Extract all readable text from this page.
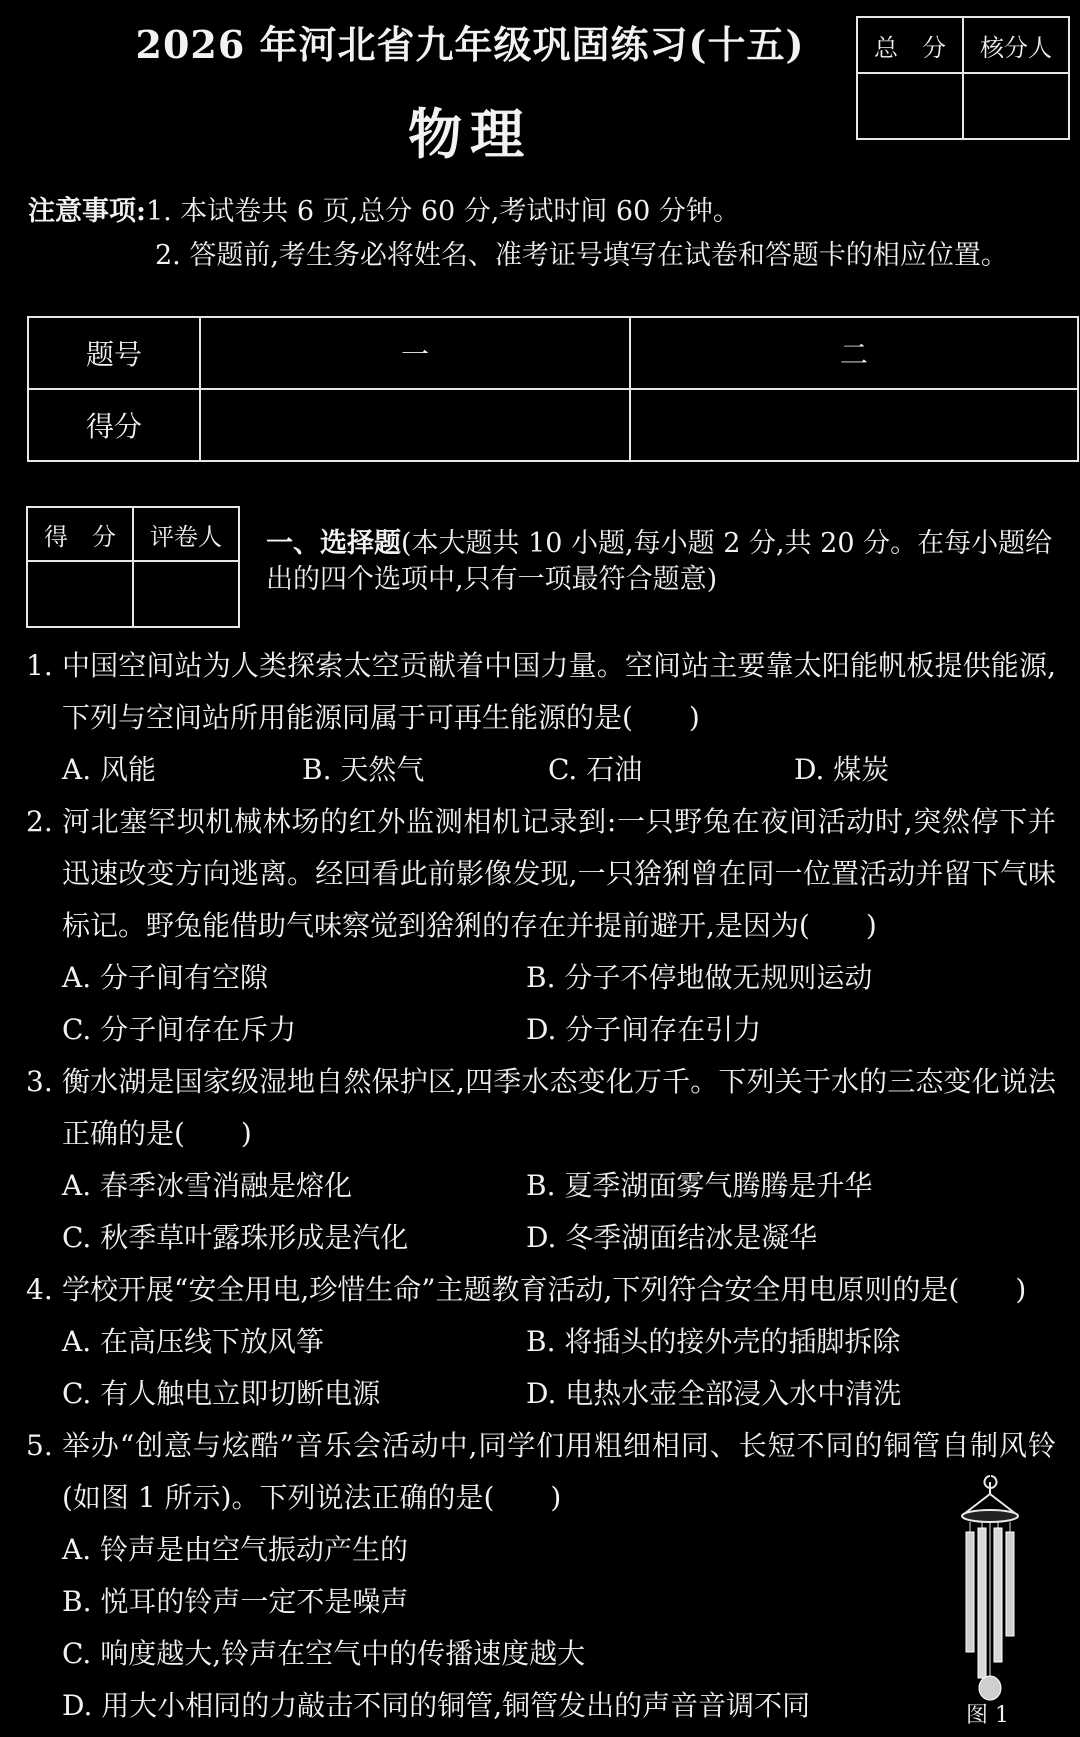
2026 年河北省九年级巩固练习(十五)
物理
总　分	核分人

注意事项:1. 本试卷共 6 页,总分 60 分,考试时间 60 分钟。
2. 答题前,考生务必将姓名、准考证号填写在试卷和答题卡的相应位置。
题号	一	二
得分		
得　分	评卷人
	一、选择题(本大题共 10 小题,每小题 2 分,共 20 分。在每小题给出的四个选项中,只有一项最符合题意)
1. 中国空间站为人类探索太空贡献着中国力量。空间站主要靠太阳能帆板提供能源,下列与空间站所用能源同属于可再生能源的是(　　)
A. 风能	B. 天然气	C. 石油	D. 煤炭
2. 河北塞罕坝机械林场的红外监测相机记录到:一只野兔在夜间活动时,突然停下并迅速改变方向逃离。经回看此前影像发现,一只猞猁曾在同一位置活动并留下气味标记。野兔能借助气味察觉到猞猁的存在并提前避开,是因为(　　)
A. 分子间有空隙	B. 分子不停地做无规则运动
C. 分子间存在斥力	D. 分子间存在引力
3. 衡水湖是国家级湿地自然保护区,四季水态变化万千。下列关于水的三态变化说法正确的是(　　)
A. 春季冰雪消融是熔化	B. 夏季湖面雾气腾腾是升华
C. 秋季草叶露珠形成是汽化	D. 冬季湖面结冰是凝华
4. 学校开展“安全用电,珍惜生命”主题教育活动,下列符合安全用电原则的是(　　)
A. 在高压线下放风筝	B. 将插头的接外壳的插脚拆除
C. 有人触电立即切断电源	D. 电热水壶全部浸入水中清洗
5. 举办“创意与炫酷”音乐会活动中,同学们用粗细相同、长短不同的铜管自制风铃(如图 1 所示)。下列说法正确的是(　　)
A. 铃声是由空气振动产生的
B. 悦耳的铃声一定不是噪声
C. 响度越大,铃声在空气中的传播速度越大
D. 用大小相同的力敲击不同的铜管,铜管发出的声音音调不同	图 1
